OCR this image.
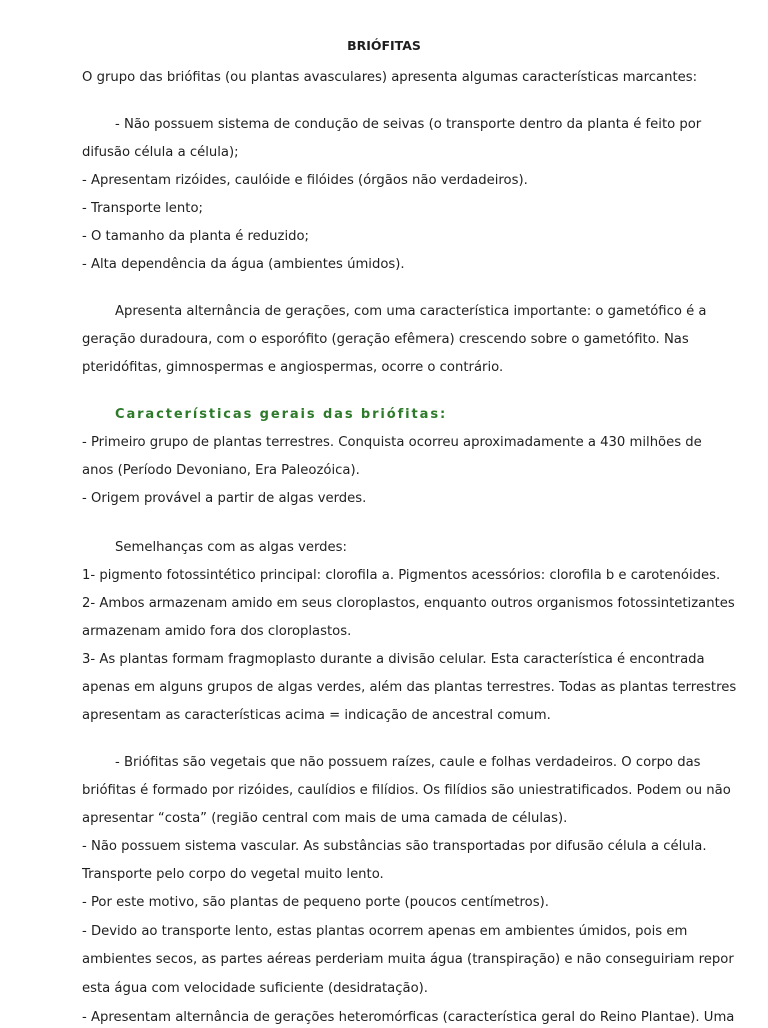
BRIÓFITAS
O grupo das briófitas (ou plantas avasculares) apresenta algumas características marcantes:
- Não possuem sistema de condução de seivas (o transporte dentro da planta é feito por
difusão célula a célula);
- Apresentam rizóides, caulóide e filóides (órgãos não verdadeiros).
- Transporte lento;
- O tamanho da planta é reduzido;
- Alta dependência da água (ambientes úmidos).
Apresenta alternância de gerações, com uma característica importante: o gametófico é a
geração duradoura, com o esporófito (geração efêmera) crescendo sobre o gametófito. Nas
pteridófitas, gimnospermas e angiospermas, ocorre o contrário.
Características gerais das briófitas:
- Primeiro grupo de plantas terrestres. Conquista ocorreu aproximadamente a 430 milhões de
anos (Período Devoniano, Era Paleozóica).
- Origem provável a partir de algas verdes.
Semelhanças com as algas verdes:
1- pigmento fotossintético principal: clorofila a. Pigmentos acessórios: clorofila b e carotenóides.
2- Ambos armazenam amido em seus cloroplastos, enquanto outros organismos fotossintetizantes
armazenam amido fora dos cloroplastos.
3- As plantas formam fragmoplasto durante a divisão celular. Esta característica é encontrada
apenas em alguns grupos de algas verdes, além das plantas terrestres. Todas as plantas terrestres
apresentam as características acima = indicação de ancestral comum.
- Briófitas são vegetais que não possuem raízes, caule e folhas verdadeiros. O corpo das
briófitas é formado por rizóides, caulídios e filídios. Os filídios são uniestratificados. Podem ou não
apresentar “costa” (região central com mais de uma camada de células).
- Não possuem sistema vascular. As substâncias são transportadas por difusão célula a célula.
Transporte pelo corpo do vegetal muito lento.
- Por este motivo, são plantas de pequeno porte (poucos centímetros).
- Devido ao transporte lento, estas plantas ocorrem apenas em ambientes úmidos, pois em
ambientes secos, as partes aéreas perderiam muita água (transpiração) e não conseguiriam repor
esta água com velocidade suficiente (desidratação).
- Apresentam alternância de gerações heteromórficas (característica geral do Reino Plantae). Uma
